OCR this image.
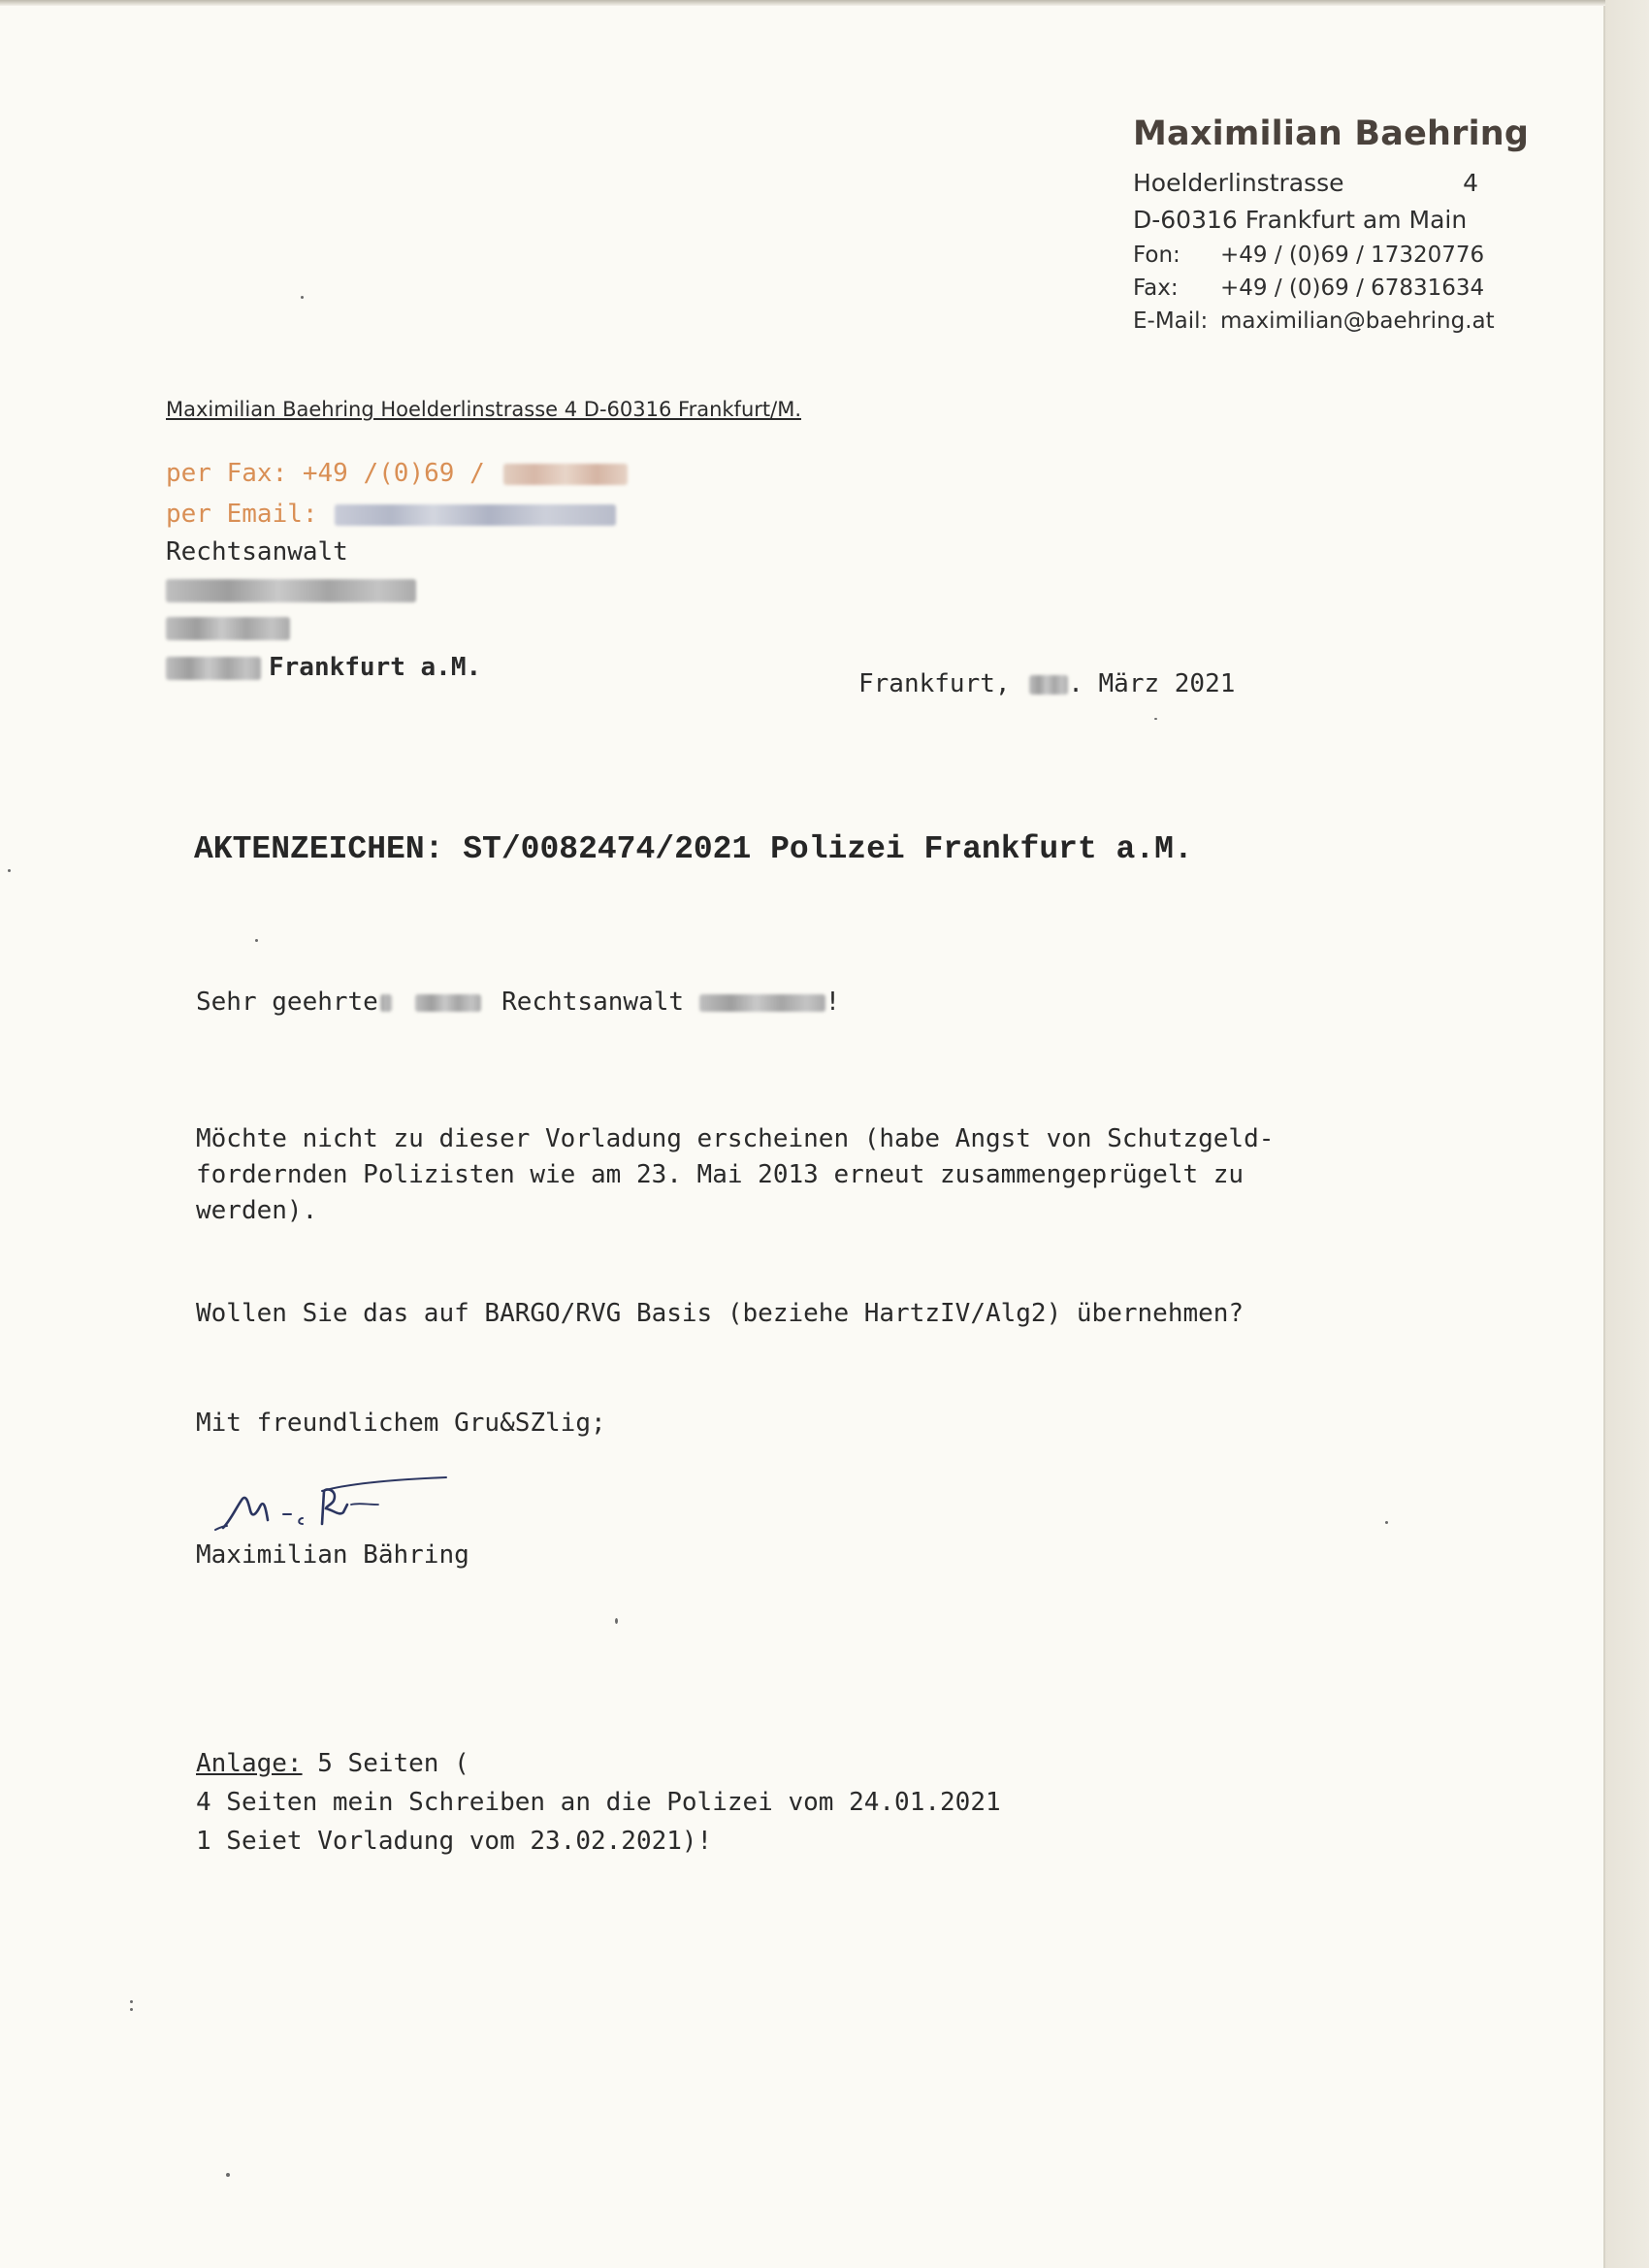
Maximilian Baehring
Hoelderlinstrasse	4
D-60316 Frankfurt am Main
Fon: +49 / (0)69 / 17320776
Fax: +49 / (0)69 / 67831634
E-Mail: maximilian@baehring.at
Maximilian Baehring Hoelderlinstrasse 4 D-60316 Frankfurt/M.
per Fax: +49 /(0)69 /
per Email:
Rechtsanwalt
Frankfurt a.M.
Frankfurt, . März 2021
AKTENZEICHEN: ST/0082474/2021 Polizei Frankfurt a.M.
Sehr geehrte	Rechtsanwalt	!
Möchte nicht zu dieser Vorladung erscheinen (habe Angst von Schutzgeld-
fordernden Polizisten wie am 23. Mai 2013 erneut zusammengeprügelt zu
werden).
Wollen Sie das auf BARGO/RVG Basis (beziehe HartzIV/Alg2) übernehmen?
Mit freundlichem Gru&SZlig;
Maximilian Bähring
Anlage: 5 Seiten (
4 Seiten mein Schreiben an die Polizei vom 24.01.2021
1 Seiet Vorladung vom 23.02.2021)!
